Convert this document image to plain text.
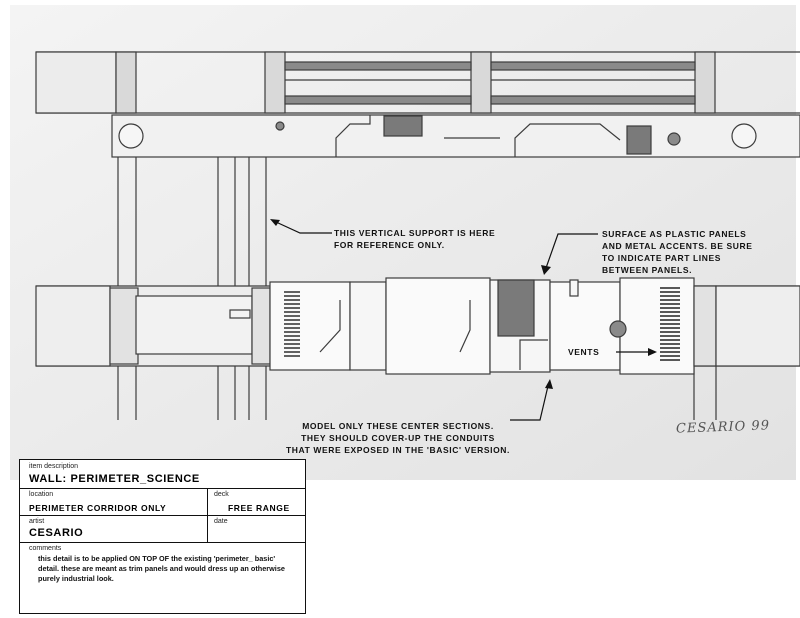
THIS VERTICAL SUPPORT IS HERE
FOR REFERENCE ONLY.
SURFACE AS PLASTIC PANELS
AND METAL ACCENTS. BE SURE
TO INDICATE PART LINES
BETWEEN PANELS.
VENTS
MODEL ONLY THESE CENTER SECTIONS.
THEY SHOULD COVER-UP THE CONDUITS
THAT WERE EXPOSED IN THE 'BASIC' VERSION.
CESARIO 99
item description
WALL: PERIMETER_SCIENCE
location
PERIMETER CORRIDOR ONLY
deck
FREE RANGE
artist
CESARIO
date
comments
this detail is to be applied ON TOP OF the existing 'perimeter_ basic' detail. these are meant as trim panels and would dress up an otherwise purely industrial look.
